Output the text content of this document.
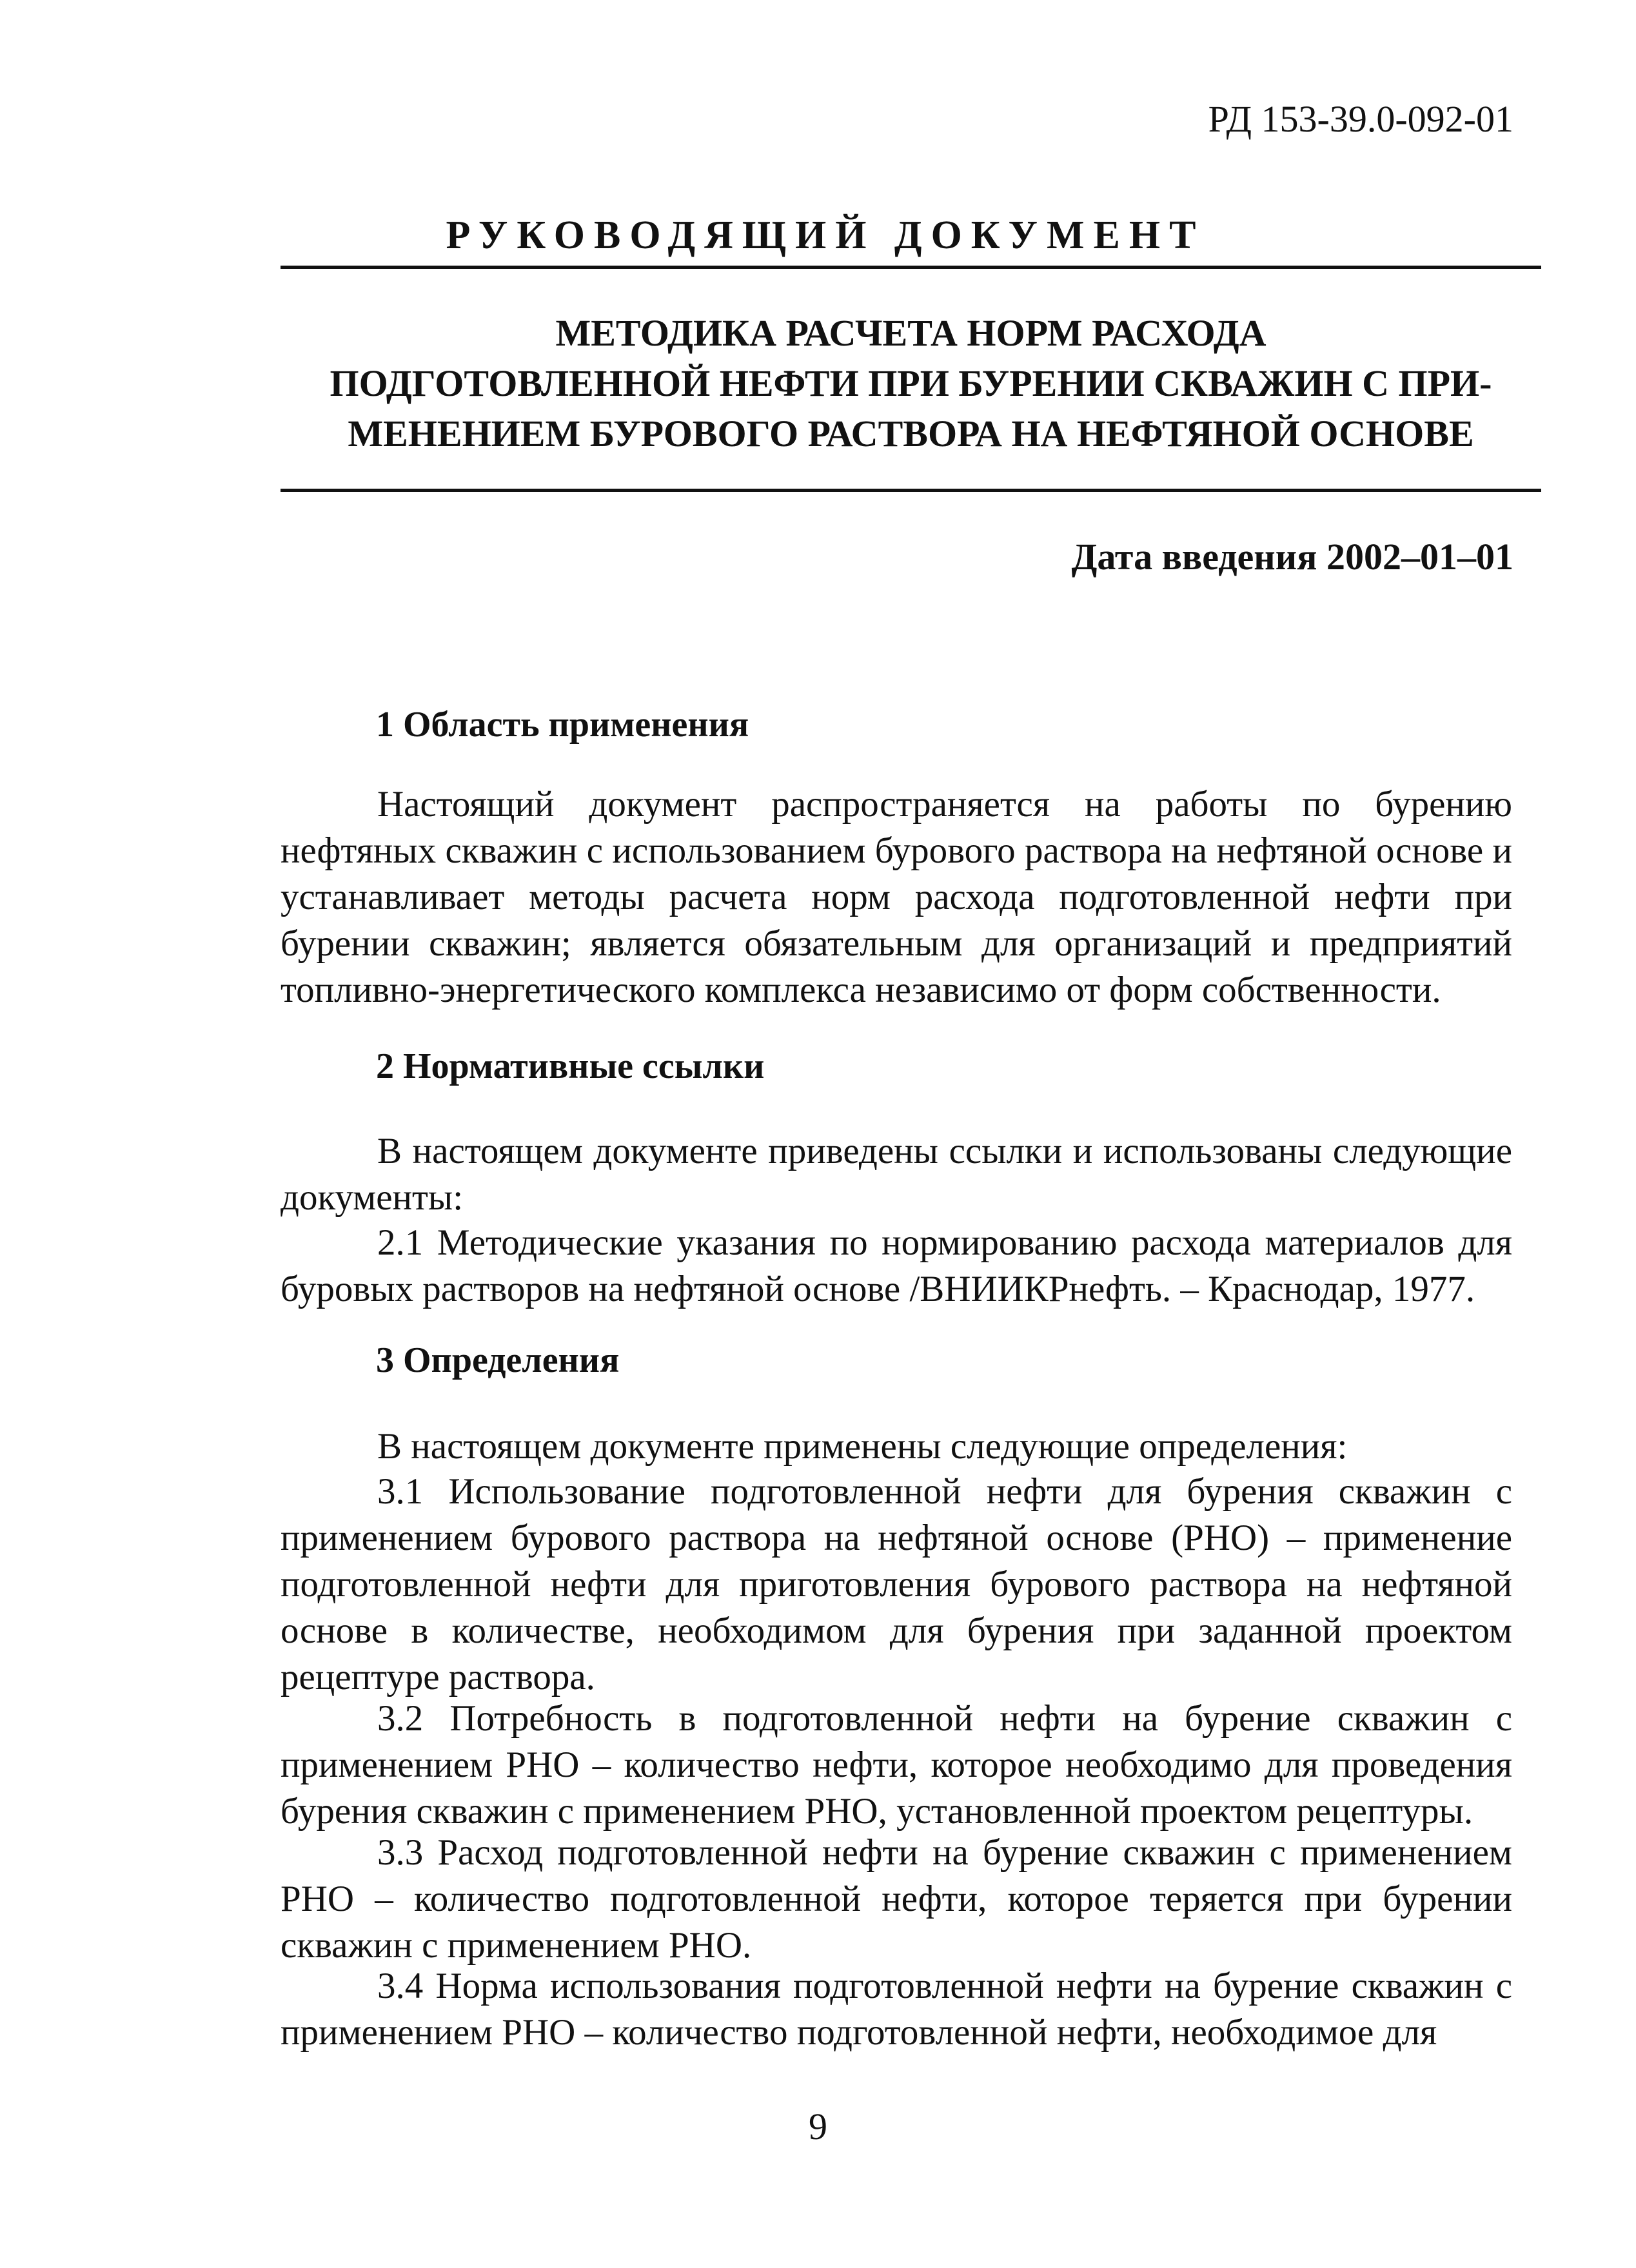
РД 153-39.0-092-01
РУКОВОДЯЩИЙ ДОКУМЕНТ
МЕТОДИКА РАСЧЕТА НОРМ РАСХОДА
ПОДГОТОВЛЕННОЙ НЕФТИ ПРИ БУРЕНИИ СКВАЖИН С ПРИ-
МЕНЕНИЕМ БУРОВОГО РАСТВОРА НА НЕФТЯНОЙ ОСНОВЕ
Дата введения 2002–01–01
1 Область применения
Настоящий документ распространяется на работы по бурению нефтяных скважин с использованием бурового раствора на нефтяной основе и устанавливает методы расчета норм расхода подготовленной нефти при бурении скважин; является обязательным для организаций и предприятий топливно-энергетического комплекса независимо от форм собственности.
2 Нормативные ссылки
В настоящем документе приведены ссылки и использованы следующие документы:
2.1 Методические указания по нормированию расхода материалов для буровых растворов на нефтяной основе /ВНИИКРнефть. – Краснодар, 1977.
3 Определения
В настоящем документе применены следующие определения:
3.1 Использование подготовленной нефти для бурения скважин с применением бурового раствора на нефтяной основе (РНО) – применение подготовленной нефти для приготовления бурового раствора на нефтяной основе в количестве, необходимом для бурения при заданной проектом рецептуре раствора.
3.2 Потребность в подготовленной нефти на бурение скважин с применением РНО – количество нефти, которое необходимо для проведения бурения скважин с применением РНО, установленной проектом рецептуры.
3.3 Расход подготовленной нефти на бурение скважин с применением РНО – количество подготовленной нефти, которое теряется при бурении скважин с применением РНО.
3.4 Норма использования подготовленной нефти на бурение скважин с применением РНО – количество подготовленной нефти, необходимое для
9
